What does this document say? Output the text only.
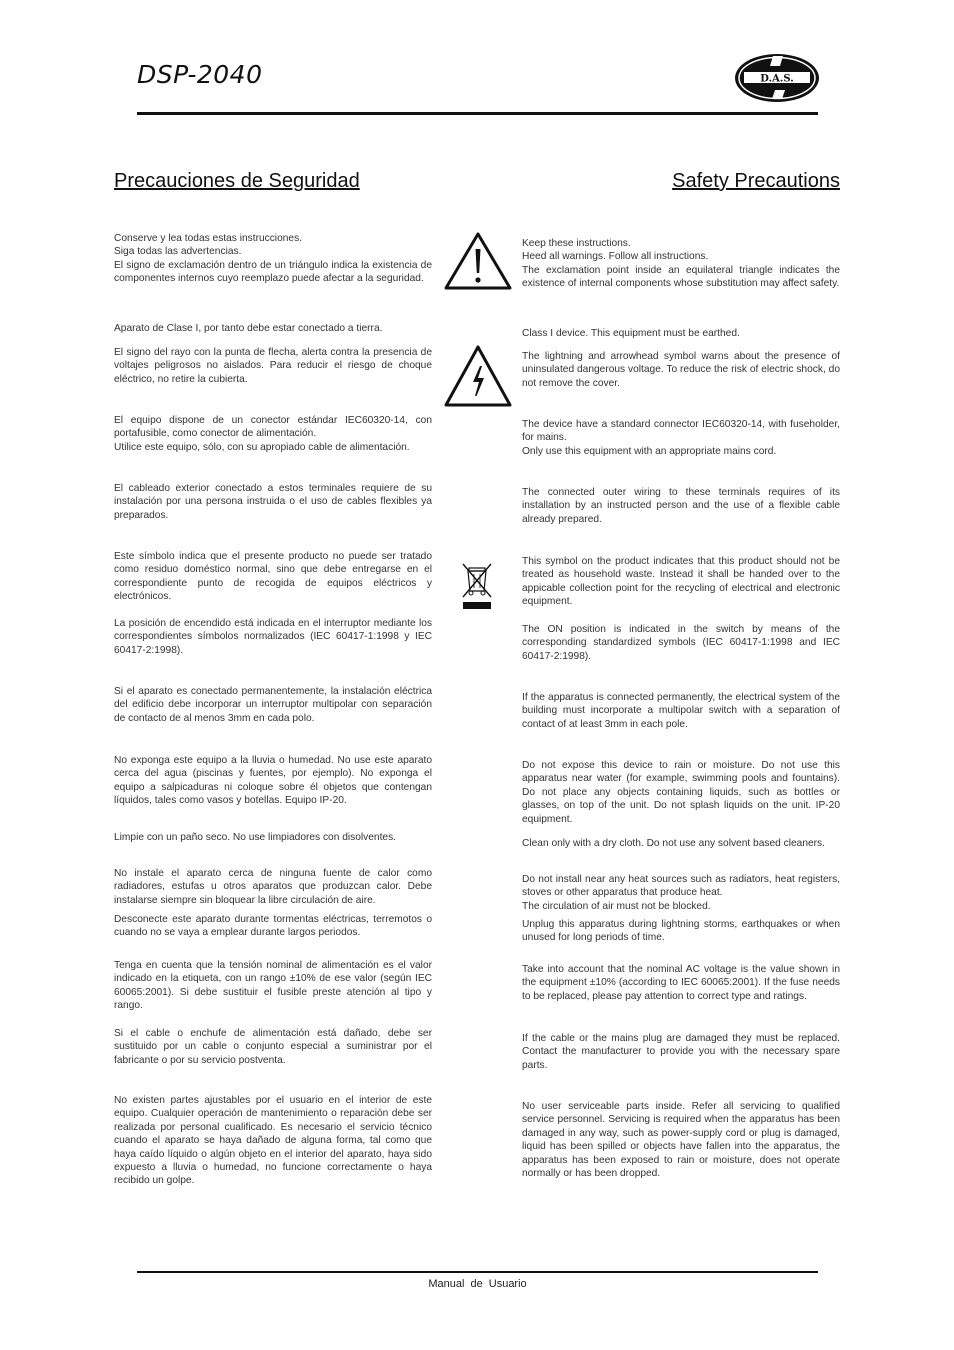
DSP-2040	D.A.S.
Precauciones de Seguridad	Safety Precautions
Conserve y lea todas estas instrucciones.
Siga todas las advertencias.
El signo de exclamación dentro de un triángulo indica la existencia de componentes internos cuyo reemplazo puede afectar a la seguridad.
Aparato de Clase I, por tanto debe estar conectado a tierra.
El signo del rayo con la punta de flecha, alerta contra la presencia de voltajes peligrosos no aislados. Para reducir el riesgo de choque eléctrico, no retire la cubierta.
El equipo dispone de un conector estándar IEC60320-14, con portafusible, como conector de alimentación.
Utilice este equipo, sólo, con su apropiado cable de alimentación.
El cableado exterior conectado a estos terminales requiere de su instalación por una persona instruida o el uso de cables flexibles ya preparados.
Este símbolo indica que el presente producto no puede ser tratado como residuo doméstico normal, sino que debe entregarse en el correspondiente punto de recogida de equipos eléctricos y electrónicos.
La posición de encendido está indicada en el interruptor mediante los correspondientes símbolos normalizados (IEC 60417-1:1998 y IEC 60417-2:1998).
Si el aparato es conectado permanentemente, la instalación eléctrica del edificio debe incorporar un interruptor multipolar con separación de contacto de al menos 3mm en cada polo.
No exponga este equipo a la lluvia o humedad. No use este aparato cerca del agua (piscinas y fuentes, por ejemplo). No exponga el equipo a salpicaduras ni coloque sobre él objetos que contengan líquidos, tales como vasos y botellas. Equipo IP-20.
Limpie con un paño seco. No use limpiadores con disolventes.
No instale el aparato cerca de ninguna fuente de calor como radiadores, estufas u otros aparatos que produzcan calor. Debe instalarse siempre sin bloquear la libre circulación de aire.
Desconecte este aparato durante tormentas eléctricas, terremotos o cuando no se vaya a emplear durante largos periodos.
Tenga en cuenta que la tensión nominal de alimentación es el valor indicado en la etiqueta, con un rango ±10% de ese valor (según IEC 60065:2001). Si debe sustituir el fusible preste atención al tipo y rango.
Si el cable o enchufe de alimentación está dañado, debe ser sustituido por un cable o conjunto especial a suministrar por el fabricante o por su servicio postventa.
No existen partes ajustables por el usuario en el interior de este equipo. Cualquier operación de mantenimiento o reparación debe ser realizada por personal cualificado. Es necesario el servicio técnico cuando el aparato se haya dañado de alguna forma, tal como que haya caído líquido o algún objeto en el interior del aparato, haya sido expuesto a lluvia o humedad, no funcione correctamente o haya recibido un golpe.
Keep these instructions.
Heed all warnings. Follow all instructions.
The exclamation point inside an equilateral triangle indicates the existence of internal components whose substitution may affect safety.
Class I device. This equipment must be earthed.
The lightning and arrowhead symbol warns about the presence of uninsulated dangerous voltage. To reduce the risk of electric shock, do not remove the cover.
The device have a standard connector IEC60320-14, with fuseholder, for mains.
Only use this equipment with an appropriate mains cord.
The connected outer wiring to these terminals requires of its installation by an instructed person and the use of a flexible cable already prepared.
This symbol on the product indicates that this product should not be treated as household waste. Instead it shall be handed over to the appicable collection point for the recycling of electrical and electronic equipment.
The ON position is indicated in the switch by means of the corresponding standardized symbols (IEC 60417-1:1998 and IEC 60417-2:1998).
If the apparatus is connected permanently, the electrical system of the building must incorporate a multipolar switch with a separation of contact of at least 3mm in each pole.
Do not expose this device to rain or moisture. Do not use this apparatus near water (for example, swimming pools and fountains). Do not place any objects containing liquids, such as bottles or glasses, on top of the unit. Do not splash liquids on the unit. IP-20 equipment.
Clean only with a dry cloth. Do not use any solvent based cleaners.
Do not install near any heat sources such as radiators, heat registers, stoves or other apparatus that produce heat.
The circulation of air must not be blocked.
Unplug this apparatus during lightning storms, earthquakes or when unused for long periods of time.
Take into account that the nominal AC voltage is the value shown in the equipment ±10% (according to IEC 60065:2001). If the fuse needs to be replaced, please pay attention to correct type and ratings.
If the cable or the mains plug are damaged they must be replaced. Contact the manufacturer to provide you with the necessary spare parts.
No user serviceable parts inside. Refer all servicing to qualified service personnel. Servicing is required when the apparatus has been damaged in any way, such as power-supply cord or plug is damaged, liquid has been spilled or objects have fallen into the apparatus, the apparatus has been exposed to rain or moisture, does not operate normally or has been dropped.
Manual de Usuario
